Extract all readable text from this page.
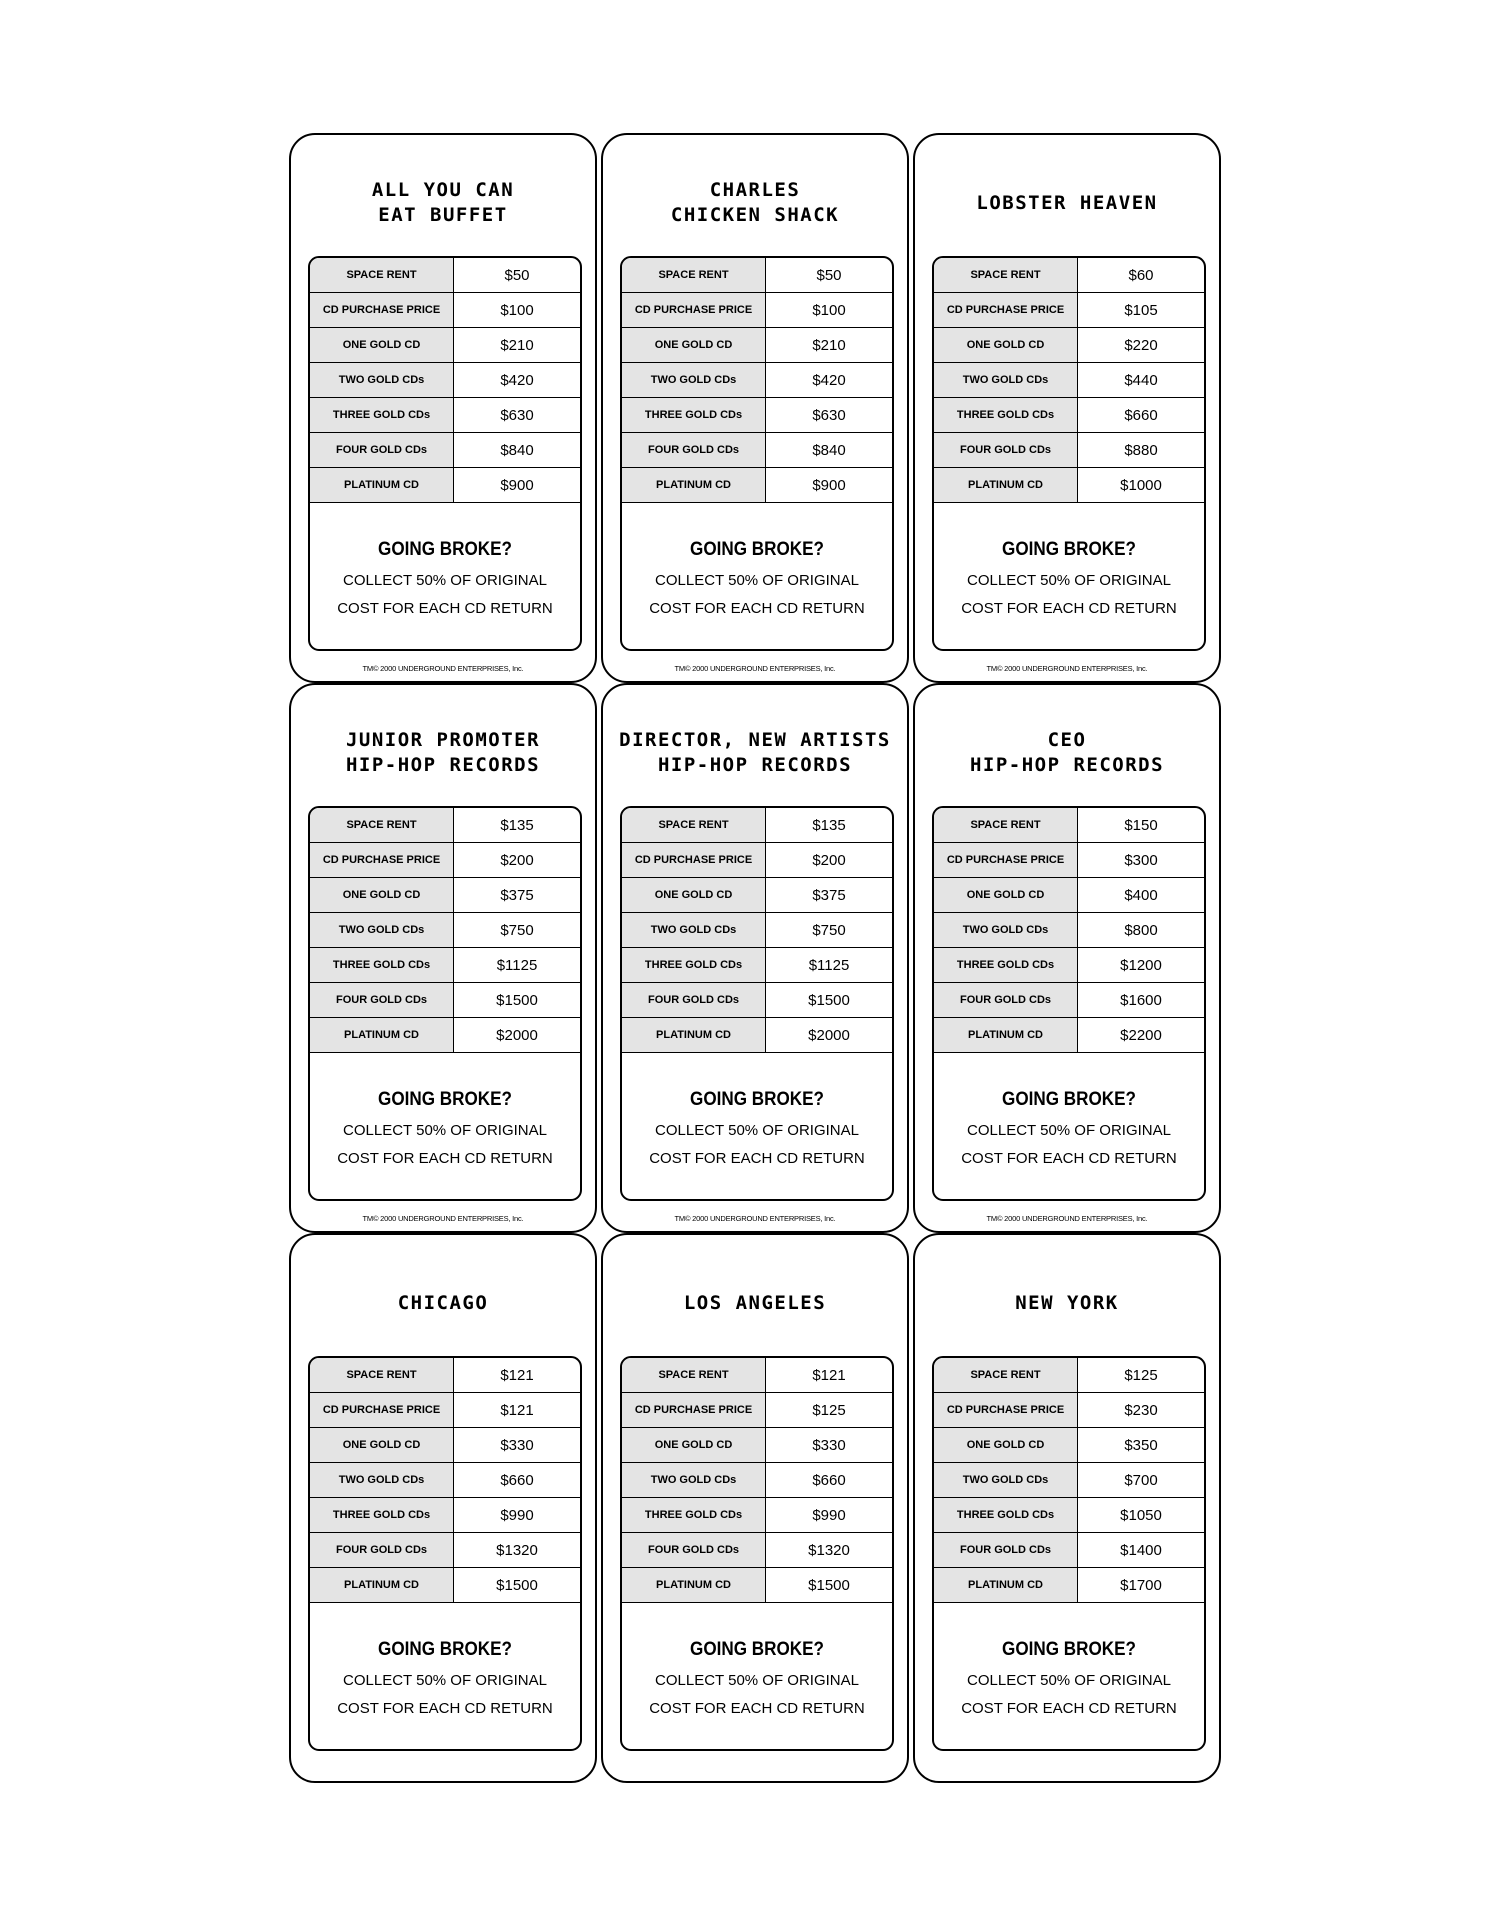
ALL YOU CAN
EAT BUFFET
SPACE RENT	$50
CD PURCHASE PRICE	$100
ONE GOLD CD	$210
TWO GOLD CDs	$420
THREE GOLD CDs	$630
FOUR GOLD CDs	$840
PLATINUM CD	$900
GOING BROKE?
COLLECT 50% OF ORIGINAL
COST FOR EACH CD RETURN
TM© 2000 UNDERGROUND ENTERPRISES, Inc.
CHARLES
CHICKEN SHACK
SPACE RENT	$50
CD PURCHASE PRICE	$100
ONE GOLD CD	$210
TWO GOLD CDs	$420
THREE GOLD CDs	$630
FOUR GOLD CDs	$840
PLATINUM CD	$900
GOING BROKE?
COLLECT 50% OF ORIGINAL
COST FOR EACH CD RETURN
TM© 2000 UNDERGROUND ENTERPRISES, Inc.
LOBSTER HEAVEN
SPACE RENT	$60
CD PURCHASE PRICE	$105
ONE GOLD CD	$220
TWO GOLD CDs	$440
THREE GOLD CDs	$660
FOUR GOLD CDs	$880
PLATINUM CD	$1000
GOING BROKE?
COLLECT 50% OF ORIGINAL
COST FOR EACH CD RETURN
TM© 2000 UNDERGROUND ENTERPRISES, Inc.
JUNIOR PROMOTER
HIP-HOP RECORDS
SPACE RENT	$135
CD PURCHASE PRICE	$200
ONE GOLD CD	$375
TWO GOLD CDs	$750
THREE GOLD CDs	$1125
FOUR GOLD CDs	$1500
PLATINUM CD	$2000
GOING BROKE?
COLLECT 50% OF ORIGINAL
COST FOR EACH CD RETURN
TM© 2000 UNDERGROUND ENTERPRISES, Inc.
DIRECTOR, NEW ARTISTS
HIP-HOP RECORDS
SPACE RENT	$135
CD PURCHASE PRICE	$200
ONE GOLD CD	$375
TWO GOLD CDs	$750
THREE GOLD CDs	$1125
FOUR GOLD CDs	$1500
PLATINUM CD	$2000
GOING BROKE?
COLLECT 50% OF ORIGINAL
COST FOR EACH CD RETURN
TM© 2000 UNDERGROUND ENTERPRISES, Inc.
CEO
HIP-HOP RECORDS
SPACE RENT	$150
CD PURCHASE PRICE	$300
ONE GOLD CD	$400
TWO GOLD CDs	$800
THREE GOLD CDs	$1200
FOUR GOLD CDs	$1600
PLATINUM CD	$2200
GOING BROKE?
COLLECT 50% OF ORIGINAL
COST FOR EACH CD RETURN
TM© 2000 UNDERGROUND ENTERPRISES, Inc.
CHICAGO
SPACE RENT	$121
CD PURCHASE PRICE	$121
ONE GOLD CD	$330
TWO GOLD CDs	$660
THREE GOLD CDs	$990
FOUR GOLD CDs	$1320
PLATINUM CD	$1500
GOING BROKE?
COLLECT 50% OF ORIGINAL
COST FOR EACH CD RETURN
LOS ANGELES
SPACE RENT	$121
CD PURCHASE PRICE	$125
ONE GOLD CD	$330
TWO GOLD CDs	$660
THREE GOLD CDs	$990
FOUR GOLD CDs	$1320
PLATINUM CD	$1500
GOING BROKE?
COLLECT 50% OF ORIGINAL
COST FOR EACH CD RETURN
NEW YORK
SPACE RENT	$125
CD PURCHASE PRICE	$230
ONE GOLD CD	$350
TWO GOLD CDs	$700
THREE GOLD CDs	$1050
FOUR GOLD CDs	$1400
PLATINUM CD	$1700
GOING BROKE?
COLLECT 50% OF ORIGINAL
COST FOR EACH CD RETURN
